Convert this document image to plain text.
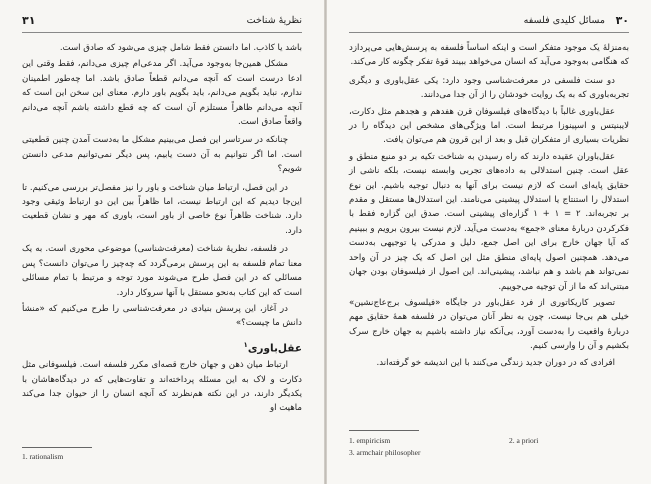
۳۱	نظریهٔ شناخت

باشد یا کاذب. اما دانستن فقط شامل چیزی می‌شود که صادق است.

مشکل همین‌جا به‌وجود می‌آید. اگر مدعی‌ام چیزی می‌دانم، فقط وقتی این ادعا درست است که آنچه می‌دانم قطعاً صادق باشد. اما چه‌طور اطمینان ندارم، نباید بگویم می‌دانم، باید بگویم باور دارم. معنای این سخن این است که آنچه می‌دانم ظاهراً مستلزم آن است که چه قطع داشته باشم آنچه می‌دانم واقعاً صادق است.

چنانکه در سرتاسر این فصل می‌بینیم مشکل ما به‌دست آمدن چنین قطعیتی است. اما اگر نتوانیم به آن دست یابیم، پس دیگر نمی‌توانیم مدعی دانستن شویم؟

در این فصل، ارتباط میان شناخت و باور را نیز مفصل‌تر بررسی می‌کنیم. تا این‌جا دیدیم که این ارتباط نیست، اما ظاهراً بین این دو ارتباط وثیقی وجود دارد. شناخت ظاهراً نوع خاصی از باور است، باوری که مهر و نشان قطعیت دارد.

در فلسفه، نظریهٔ شناخت (معرفت‌شناسی) موضوعی محوری است. به‌ یک معنا تمام فلسفه به این پرسش برمی‌گردد که چه‌چیز را می‌توان دانست؟ پس مسائلی که در این فصل طرح می‌شوند مورد توجه و مرتبط با تمام مسائلی است که این کتاب به‌نحو مستقل با آنها سروکار دارد.

در آغاز، این پرسش بنیادی در معرفت‌شناسی را طرح می‌کنیم که «منشأ دانش ما چیست؟»

عقل‌باوری$^۱$

ارتباط میان ذهن و جهان خارج قصه‌ای مکرر فلسفه است. فیلسوفانی مثل دکارت و لاک به این مسئله پرداخته‌اند و تفاوت‌هایی که در دیدگاه‌هاشان با یکدیگر دارند، در این نکته هم‌نظرند که آنچه انسان را از حیوان جدا می‌کند ماهیت او

1. rationalism
۳۰
مسائل کلیدی فلسفه

به‌منزلهٔ یک موجود متفکر است و اینکه اساساً فلسفه به پرسش‌هایی می‌پردازد که هنگامی به‌وجود می‌آید که انسان می‌خواهد ببیند قوهٔ تفکر چگونه کار می‌کند.

دو سنت فلسفی در معرفت‌شناسی وجود دارد: یکی عقل‌باوری و دیگری تجربه‌باوری که به یک روایت خودشان را از آن جدا می‌دانند.

عقل‌باوری غالباً با دیدگاه‌های فیلسوفان قرن هفدهم و هجدهم مثل دکارت، لایبنیتس و اسپینوزا مرتبط است. اما ویژگی‌های مشخص این دیدگاه را در نظریات بسیاری از متفکران قبل و بعد از این قرون هم می‌توان یافت.

عقل‌باوران عقیده دارند که راه رسیدن به شناخت تکیه بر دو منبع منطق و عقل است. چنین استدلالی به داده‌های تجربی وابسته نیست، بلکه ناشی از حقایق پایه‌ای است که لازم نیست برای آنها به دنبال توجیه باشیم. این نوع استدلال را استنتاج یا استدلال پیشینی می‌نامند. این استدلال‌ها مستقل و مقدم بر تجربه‌اند. ۲ = ۱ + ۱ گزاره‌ای پیشینی است. صدق این گزاره فقط با فکرکردن دربارهٔ معنای «جمع» به‌دست می‌آید. لازم نیست بیرون برویم و ببینیم که آیا جهان خارج برای این اصل جمع، دلیل و مدرکی یا توجیهی به‌دست می‌دهد. همچنین اصول پایه‌ای منطق مثل این اصل که یک چیز در آن واحد نمی‌تواند هم باشد و هم نباشد، پیشینی‌اند. این اصول از فیلسوفان بودن جهان مبتنی‌اند که ما از آن توجیه می‌جوییم.

تصویر کاریکاتوری از فرد عقل‌باور در جایگاه «فیلسوف برج‌عاج‌نشین» خیلی هم بی‌جا نیست، چون به نظر آنان می‌توان در فلسفه همهٔ حقایق مهم دربارهٔ واقعیت را به‌دست آورد، بی‌آنکه نیاز داشته باشیم به جهان خارج سرک بکشیم و آن را وارسی کنیم.

افرادی که در دوران جدید زندگی می‌کنند با این اندیشه خو گرفته‌اند.

1. empiricism	2. a priori
3. armchair philosopher
